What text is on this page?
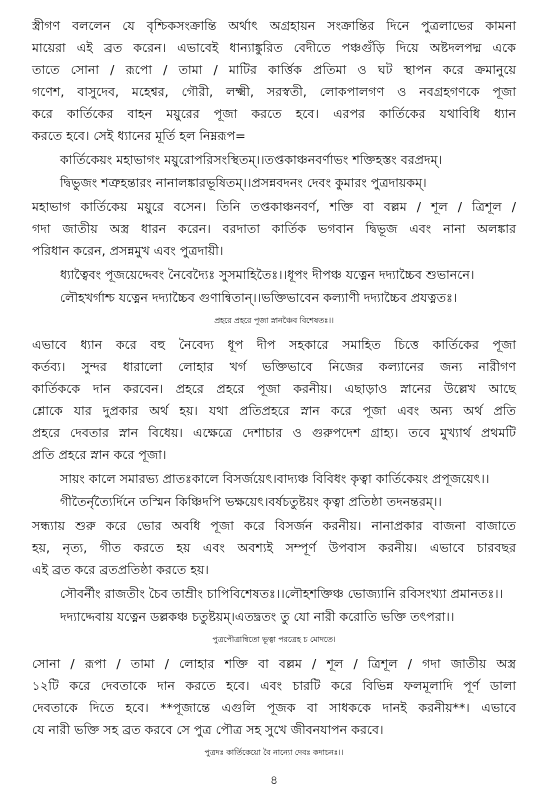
স্ত্রীগণ বললেন যে বৃশ্চিকসংক্রান্তি অর্থাৎ অগ্রহায়ন সংক্রান্তির দিনে পুত্রলাভের কামনা
মায়েরা এই ব্রত করেন। এভাবেই ধান্যাঙ্কুরিত বেদীতে পঞ্চগুঁড়ি দিয়ে অষ্টদলপদ্ম একে
তাতে সোনা / রূপো / তামা / মাটির কার্ত্তিক প্রতিমা ও ঘট স্থাপন করে ক্রমানুয়ে
গণেশ, বাসুদেব, মহেশ্বর, গৌরী, লক্ষ্মী, সরস্বতী, লোকপালগণ ও নবগ্রহগণকে পূজা
করে কার্তিকের বাহন ময়ুরের পূজা করতে হবে। এরপর কার্তিকের যথাবিধি ধ্যান
করতে হবে। সেই ধ্যানের মূর্তি হল নিম্নরূপ=
কার্তিকেয়ং মহাভাগং ময়ুরোপরিসংস্থিতম্।।তপ্তকাঞ্চনবর্ণাভং শক্তিহস্তং বরপ্রদম্।
দ্বিভুজং শত্রুহন্তারং নানালঙ্কারভূষিতম্।।প্রসন্নবদনং দেবং কুমারং পুত্রদায়কম্।
মহাভাগ কার্তিকেয় ময়ুরে বসেন। তিনি তপ্তকাঞ্চনবর্ণ, শক্তি বা বল্লম / শূল / ত্রিশূল /
গদা জাতীয় অস্ত্র ধারন করেন। বরদাতা কার্তিক ভগবান দ্বিভূজ এবং নানা অলঙ্কার
পরিধান করেন, প্রসন্নমুখ এবং পুত্রদায়ী।
ধ্যাত্বৈবং পূজয়েদ্দেবং নৈবেদ্যৈঃ সুসমাহিতৈঃ।।ধূপং দীপঞ্চ যত্নেন দদ্যাচ্চৈব শুভাননে।
লৌহখর্গাশ্চ যত্নেন দদ্যাচ্চৈব গুণান্বিতান্।।ভক্তিভাবেন কল্যাণী দদ্যাচ্চৈব প্রযত্নতঃ।
প্রহরে প্রহরে পূজা স্নানঞ্চৈব বিশেষতঃ।।
এভাবে ধ্যান করে বহু নৈবেদ্য ধূপ দীপ সহকারে সমাহিত চিত্তে কার্তিকের পূজা
কর্তব্য। সুন্দর ধারালো লোহার খর্গ ভক্তিভাবে নিজের কল্যানের জন্য নারীগণ
কার্তিককে দান করবেন। প্রহরে প্রহরে পূজা করনীয়। এছাড়াও স্নানের উল্লেখ আছে
শ্লোকে যার দুপ্রকার অর্থ হয়। যথা প্রতিপ্রহরে স্নান করে পূজা এবং অন্য অর্থ প্রতি
প্রহরে দেবতার স্নান বিধেয়। এক্ষেত্রে দেশাচার ও গুরুপদেশ গ্রাহ্য। তবে মুখ্যার্থ প্রথমটি
প্রতি প্রহরে স্নান করে পূজা।
সায়ং কালে সমারভ্য প্রাতঃকালে বিসর্জয়েৎ।বাদ্যঞ্চ বিবিধং কৃত্বা কার্তিকেয়ং প্রপূজয়েৎ।।
গীতৈর্নৃত্যৈর্দিনে তস্মিন কিঞ্চিদপি ভক্ষয়েৎ।বর্ষচতুষ্টয়ং কৃত্বা প্রতিষ্ঠা তদনন্তরম্।।
সন্ধ্যায় শুরু করে ভোর অবধি পূজা করে বিসর্জন করনীয়। নানাপ্রকার বাজনা বাজাতে
হয়, নৃত্য, গীত করতে হয় এবং অবশ্যই সম্পূর্ণ উপবাস করনীয়। এভাবে চারবছর
এই ব্রত করে ব্রতপ্রতিষ্ঠা করতে হয়।
সৌবর্নীং রাজতীং চৈব তাম্রীং চাপিবিশেষতঃ।।লৌহশক্তিঞ্চ ভোজ্যানি রবিসংখ্যা প্রমানতঃ।।
দদ্যাদ্দেবায় যত্নেন ডল্লকঞ্চ চতুষ্টয়ম্।এতদ্ব্রতং তু যো নারী করোতি ভক্তি তৎপরা।।
পুত্রপৌত্রান্বিতো ভূত্বা পরত্রেহ চ মোদতে।
সোনা / রূপা / তামা / লোহার শক্তি বা বল্লম / শূল / ত্রিশূল / গদা জাতীয় অস্ত্র
১২টি করে দেবতাকে দান করতে হবে। এবং চারটি করে বিভিন্ন ফলমূলাদি পূর্ণ ডালা
দেবতাকে দিতে হবে। **পূজান্তে এগুলি পূজক বা সাধককে দানই করনীয়**। এভাবে
যে নারী ভক্তি সহ ব্রত করবে সে পুত্র পৌত্র সহ সুখে জীবনযাপন করবে।
পুত্রদঃ কার্তিকেয়ো বৈ নান্যো দেবঃ কদাচনঃ।।
৪
